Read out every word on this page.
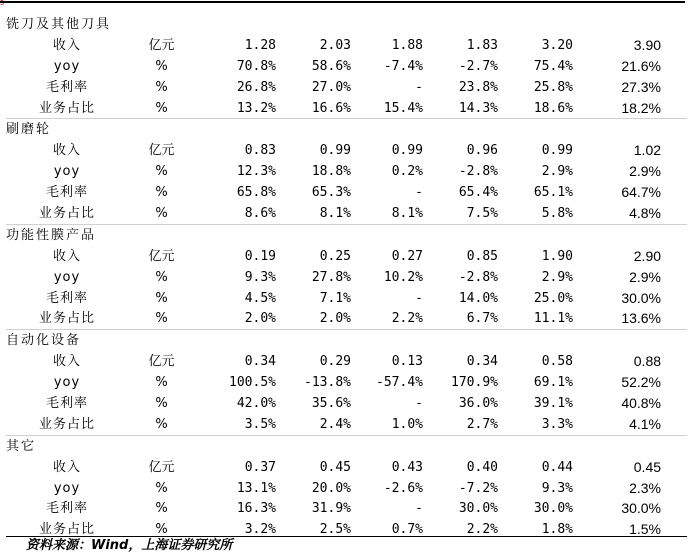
5
铣刀及其他刀具							
收入	亿元	1.28	2.03	1.88	1.83	3.20	3.90
yoy	%	70.8%	58.6%	-7.4%	-2.7%	75.4%	21.6%
毛利率	%	26.8%	27.0%	-	23.8%	25.8%	27.3%
业务占比	%	13.2%	16.6%	15.4%	14.3%	18.6%	18.2%
刷磨轮							
收入	亿元	0.83	0.99	0.99	0.96	0.99	1.02
yoy	%	12.3%	18.8%	0.2%	-2.8%	2.9%	2.9%
毛利率	%	65.8%	65.3%	-	65.4%	65.1%	64.7%
业务占比	%	8.6%	8.1%	8.1%	7.5%	5.8%	4.8%
功能性膜产品							
收入	亿元	0.19	0.25	0.27	0.85	1.90	2.90
yoy	%	9.3%	27.8%	10.2%	-2.8%	2.9%	2.9%
毛利率	%	4.5%	7.1%	-	14.0%	25.0%	30.0%
业务占比	%	2.0%	2.0%	2.2%	6.7%	11.1%	13.6%
自动化设备							
收入	亿元	0.34	0.29	0.13	0.34	0.58	0.88
yoy	%	100.5%	-13.8%	-57.4%	170.9%	69.1%	52.2%
毛利率	%	42.0%	35.6%	-	36.0%	39.1%	40.8%
业务占比	%	3.5%	2.4%	1.0%	2.7%	3.3%	4.1%
其它							
收入	亿元	0.37	0.45	0.43	0.40	0.44	0.45
yoy	%	13.1%	20.0%	-2.6%	-7.2%	9.3%	2.3%
毛利率	%	16.3%	31.9%	-	30.0%	30.0%	30.0%
业务占比	%	3.2%	2.5%	0.7%	2.2%	1.8%	1.5%
资料来源：Wind，上海证券研究所
